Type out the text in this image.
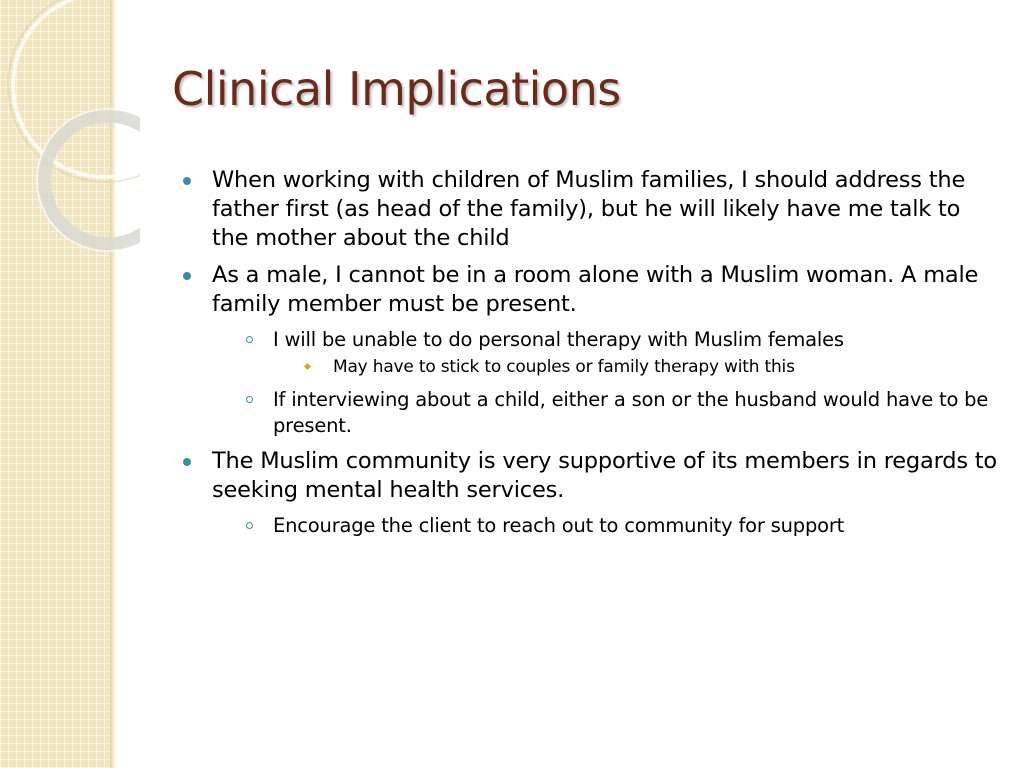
Clinical Implications
When working with children of Muslim families, I should address the father first (as head of the family), but he will likely have me talk to the mother about the child
As a male, I cannot be in a room alone with a Muslim woman. A male family member must be present.
I will be unable to do personal therapy with Muslim females
May have to stick to couples or family therapy with this
If interviewing about a child, either a son or the husband would have to be present.
The Muslim community is very supportive of its members in regards to seeking mental health services.
Encourage the client to reach out to community for support
